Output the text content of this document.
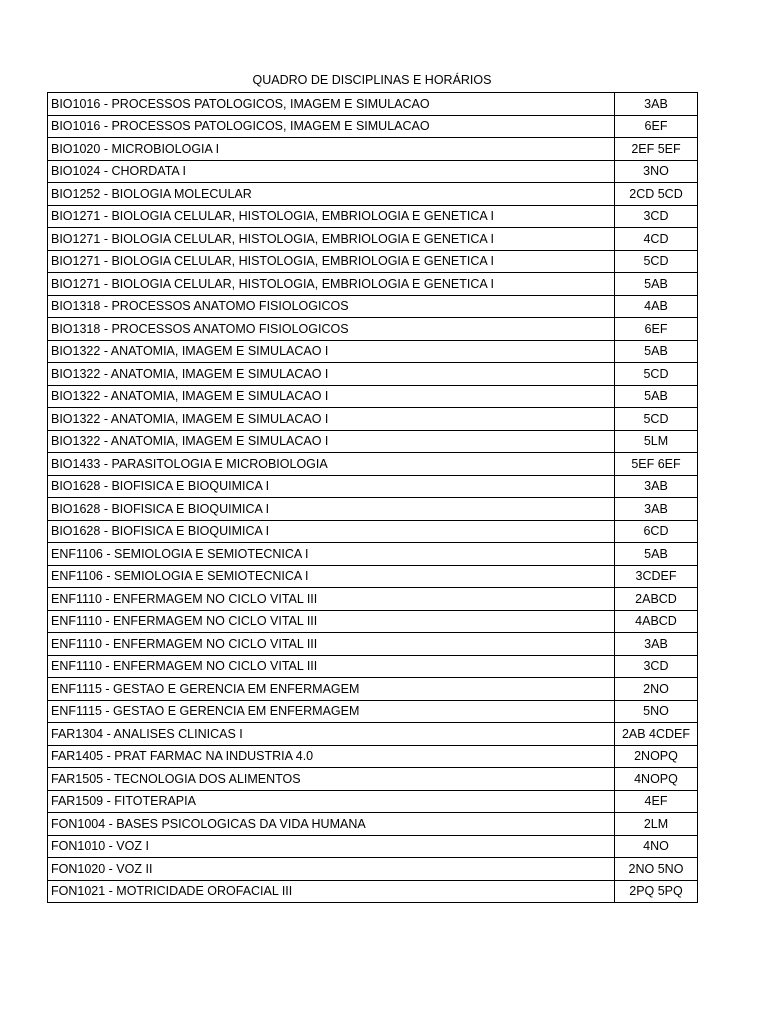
QUADRO DE DISCIPLINAS E HORÁRIOS
BIO1016 - PROCESSOS PATOLOGICOS, IMAGEM E SIMULACAO	3AB
BIO1016 - PROCESSOS PATOLOGICOS, IMAGEM E SIMULACAO	6EF
BIO1020 - MICROBIOLOGIA I	2EF 5EF
BIO1024 - CHORDATA I	3NO
BIO1252 - BIOLOGIA MOLECULAR	2CD 5CD
BIO1271 - BIOLOGIA CELULAR, HISTOLOGIA, EMBRIOLOGIA E GENETICA I	3CD
BIO1271 - BIOLOGIA CELULAR, HISTOLOGIA, EMBRIOLOGIA E GENETICA I	4CD
BIO1271 - BIOLOGIA CELULAR, HISTOLOGIA, EMBRIOLOGIA E GENETICA I	5CD
BIO1271 - BIOLOGIA CELULAR, HISTOLOGIA, EMBRIOLOGIA E GENETICA I	5AB
BIO1318 - PROCESSOS ANATOMO FISIOLOGICOS	4AB
BIO1318 - PROCESSOS ANATOMO FISIOLOGICOS	6EF
BIO1322 - ANATOMIA, IMAGEM E SIMULACAO I	5AB
BIO1322 - ANATOMIA, IMAGEM E SIMULACAO I	5CD
BIO1322 - ANATOMIA, IMAGEM E SIMULACAO I	5AB
BIO1322 - ANATOMIA, IMAGEM E SIMULACAO I	5CD
BIO1322 - ANATOMIA, IMAGEM E SIMULACAO I	5LM
BIO1433 - PARASITOLOGIA E MICROBIOLOGIA	5EF 6EF
BIO1628 - BIOFISICA E BIOQUIMICA I	3AB
BIO1628 - BIOFISICA E BIOQUIMICA I	3AB
BIO1628 - BIOFISICA E BIOQUIMICA I	6CD
ENF1106 - SEMIOLOGIA E SEMIOTECNICA I	5AB
ENF1106 - SEMIOLOGIA E SEMIOTECNICA I	3CDEF
ENF1110 - ENFERMAGEM NO CICLO VITAL III	2ABCD
ENF1110 - ENFERMAGEM NO CICLO VITAL III	4ABCD
ENF1110 - ENFERMAGEM NO CICLO VITAL III	3AB
ENF1110 - ENFERMAGEM NO CICLO VITAL III	3CD
ENF1115 - GESTAO E GERENCIA EM ENFERMAGEM	2NO
ENF1115 - GESTAO E GERENCIA EM ENFERMAGEM	5NO
FAR1304 - ANALISES CLINICAS I	2AB 4CDEF
FAR1405 - PRAT FARMAC NA INDUSTRIA 4.0	2NOPQ
FAR1505 - TECNOLOGIA DOS ALIMENTOS	4NOPQ
FAR1509 - FITOTERAPIA	4EF
FON1004 - BASES PSICOLOGICAS DA VIDA HUMANA	2LM
FON1010 - VOZ I	4NO
FON1020 - VOZ II	2NO 5NO
FON1021 - MOTRICIDADE OROFACIAL III	2PQ 5PQ
